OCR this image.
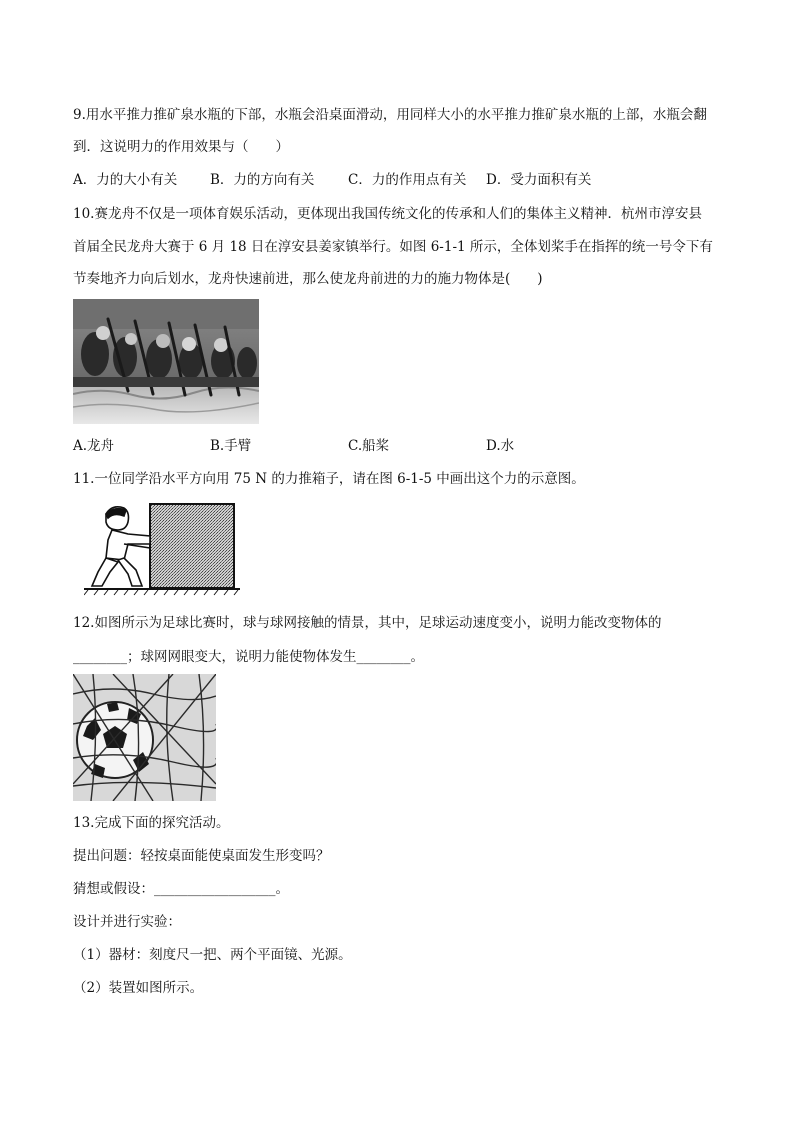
9.用水平推力推矿泉水瓶的下部，水瓶会沿桌面滑动，用同样大小的水平推力推矿泉水瓶的上部，水瓶会翻
到．这说明力的作用效果与（　　）
A．力的大小有关 B．力的方向有关 C．力的作用点有关 D．受力面积有关
10.赛龙舟不仅是一项体育娱乐活动，更体现出我国传统文化的传承和人们的集体主义精神．杭州市淳安县
首届全民龙舟大赛于 6 月 18 日在淳安县姜家镇举行。如图 6-1-1 所示，全体划桨手在指挥的统一号令下有
节奏地齐力向后划水，龙舟快速前进，那么使龙舟前进的力的施力物体是(　　)
A.龙舟	B.手臂	C.船桨	D.水
11.一位同学沿水平方向用 75 N 的力推箱子，请在图 6-1-5 中画出这个力的示意图。
12.如图所示为足球比赛时，球与球网接触的情景，其中，足球运动速度变小，说明力能改变物体的
________；球网网眼变大，说明力能使物体发生________。
13.完成下面的探究活动。
提出问题：轻按桌面能使桌面发生形变吗？
猜想或假设：__________________。
设计并进行实验：
（1）器材：刻度尺一把、两个平面镜、光源。
（2）装置如图所示。
